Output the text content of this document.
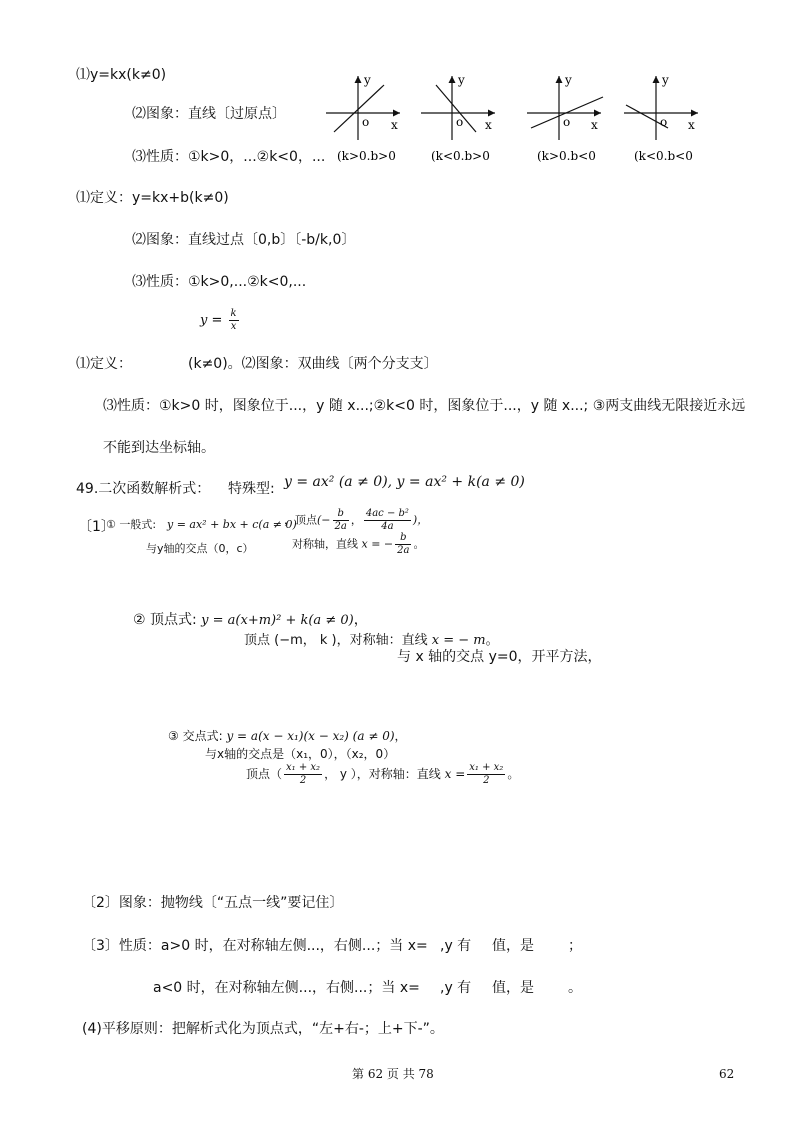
⑴y=kx(k≠0)
⑵图象：直线〔过原点〕
⑶性质：①k>0，...②k<0，...
y
o x
(k>0.b>0
y
o x
(k<0.b>0
y
o x
(k>0.b<0
y
o x
(k<0.b<0
⑴定义：y=kx+b(k≠0)
⑵图象：直线过点〔0,b〕〔-b/k,0〕
⑶性质：①k>0,...②k<0,...
$y = \frac{k}{x}$
⑴定义：	(k≠0)。⑵图象：双曲线〔两个分支支〕
⑶性质：①k>0 时，图象位于...，y 随 x...;②k<0 时，图象位于...，y 随 x...; ③两支曲线无限接近永远
不能到达坐标轴。
49.二次函数解析式： 特殊型: y = ax² (a ≠ 0), y = ax² + k(a ≠ 0)
〔1〕
① 一般式: y = ax² + bx + c(a ≠ 0)
，顶点(− $\frac{b}{2a}$ ， $\frac{\text{4ac − b²}}{4a}$ )，
与y轴的交点（0，c）	对称轴，直线 x = − $\frac{b}{2a}$ 。
② 顶点式: y = a(x+m)² + k(a ≠ 0)，
顶点 (−m， k )，对称轴：直线 x = − m。
与 x 轴的交点 y=0，开平方法，
③ 交点式: y = a(x − x₁)(x − x₂) (a ≠ 0)，
与x轴的交点是（x₁，0），（x₂，0）
顶点（ $\frac{\text{x₁ + x₂}}{2}$ ， y ），对称轴：直线 $x = \frac{\text{x₁ + x₂}}{2}$ 。
〔2〕图象：抛物线〔“五点一线”要记住〕
〔3〕性质：a>0 时，在对称轴左侧...，右侧...；当 x= ,y 有 值，是 ；
a<0 时，在对称轴左侧...，右侧...；当 x= ,y 有 值，是 。
(4)平移原则：把解析式化为顶点式，“左+右-；上+下-”。
第 62 页 共 78	62
